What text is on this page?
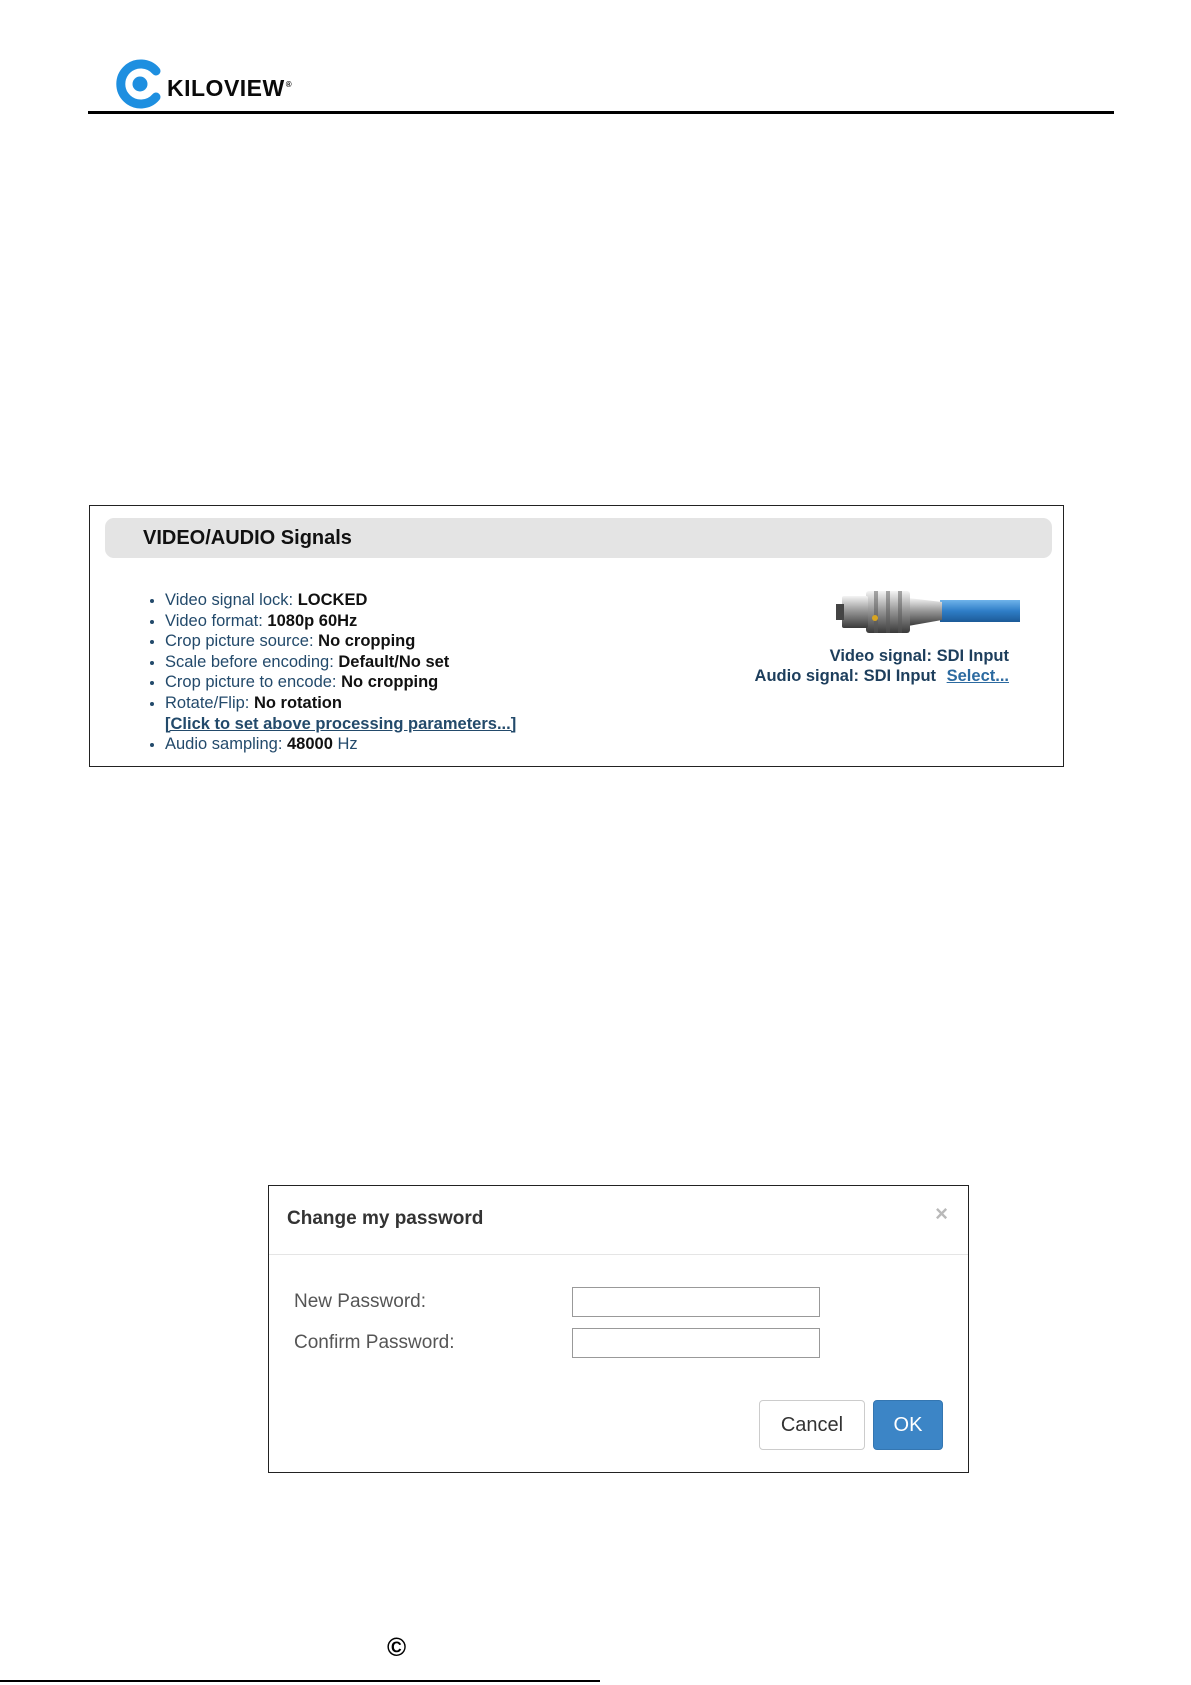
KILOVIEW®
VIDEO/AUDIO Signals
• Video signal lock: LOCKED
• Video format: 1080p 60Hz
• Crop picture source: No cropping
• Scale before encoding: Default/No set
• Crop picture to encode: No cropping
• Rotate/Flip: No rotation
[Click to set above processing parameters...]
• Audio sampling: 48000 Hz
Video signal: SDI Input
Audio signal: SDI Input Select...
Change my password	×
New Password:
Confirm Password:
Cancel	OK
©
